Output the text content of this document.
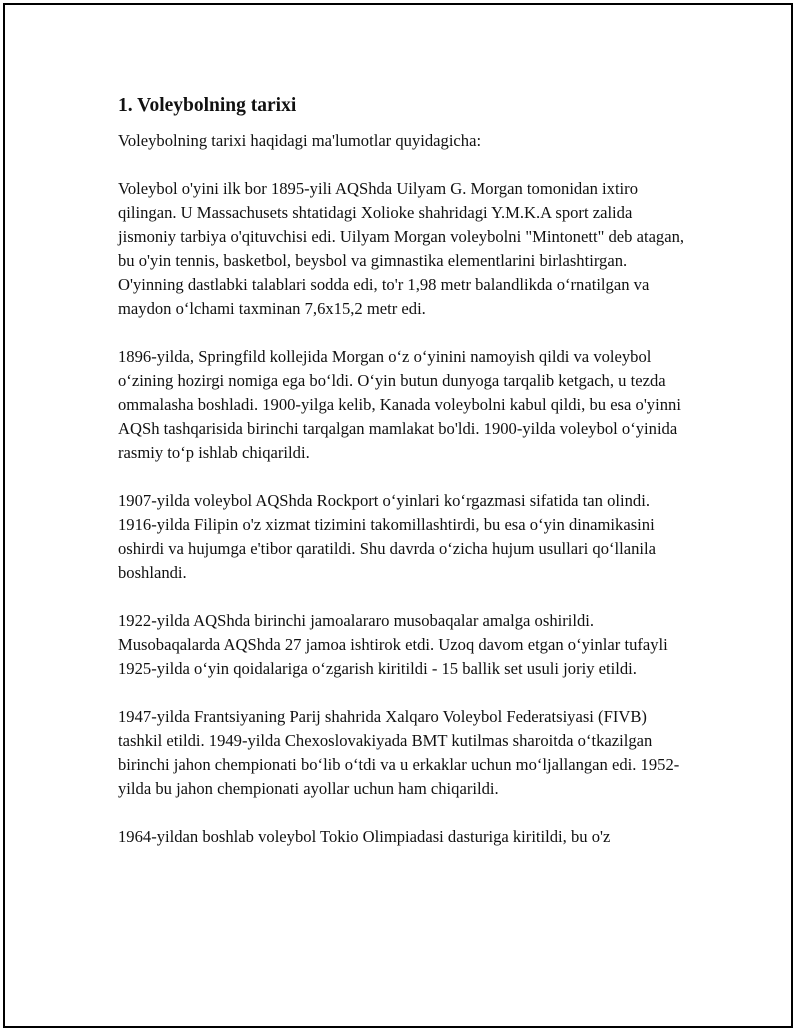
1. Voleybolning tarixi

Voleybolning tarixi haqidagi ma'lumotlar quyidagicha:

Voleybol o'yini ilk bor 1895-yili AQShda Uilyam G. Morgan tomonidan ixtiro qilingan. U Massachusets shtatidagi Xolioke shahridagi Y.M.K.A sport zalida jismoniy tarbiya o'qituvchisi edi. Uilyam Morgan voleybolni "Mintonett" deb atagan, bu o'yin tennis, basketbol, beysbol va gimnastika elementlarini birlashtirgan. O'yinning dastlabki talablari sodda edi, to'r 1,98 metr balandlikda o‘rnatilgan va maydon o‘lchami taxminan 7,6x15,2 metr edi.

1896-yilda, Springfild kollejida Morgan o‘z o‘yinini namoyish qildi va voleybol o‘zining hozirgi nomiga ega bo‘ldi. O‘yin butun dunyoga tarqalib ketgach, u tezda ommalasha boshladi. 1900-yilga kelib, Kanada voleybolni kabul qildi, bu esa o'yinni AQSh tashqarisida birinchi tarqalgan mamlakat bo'ldi. 1900-yilda voleybol o‘yinida rasmiy to‘p ishlab chiqarildi.

1907-yilda voleybol AQShda Rockport o‘yinlari ko‘rgazmasi sifatida tan olindi. 1916-yilda Filipin o'z xizmat tizimini takomillashtirdi, bu esa o‘yin dinamikasini oshirdi va hujumga e'tibor qaratildi. Shu davrda o‘zicha hujum usullari qo‘llanila boshlandi.

1922-yilda AQShda birinchi jamoalararo musobaqalar amalga oshirildi. Musobaqalarda AQShda 27 jamoa ishtirok etdi. Uzoq davom etgan o‘yinlar tufayli 1925-yilda o‘yin qoidalariga o‘zgarish kiritildi - 15 ballik set usuli joriy etildi.

1947-yilda Frantsiyaning Parij shahrida Xalqaro Voleybol Federatsiyasi (FIVB) tashkil etildi. 1949-yilda Chexoslovakiyada BMT kutilmas sharoitda o‘tkazilgan birinchi jahon chempionati bo‘lib o‘tdi va u erkaklar uchun mo‘ljallangan edi. 1952-yilda bu jahon chempionati ayollar uchun ham chiqarildi.

1964-yildan boshlab voleybol Tokio Olimpiadasi dasturiga kiritildi, bu o'z
